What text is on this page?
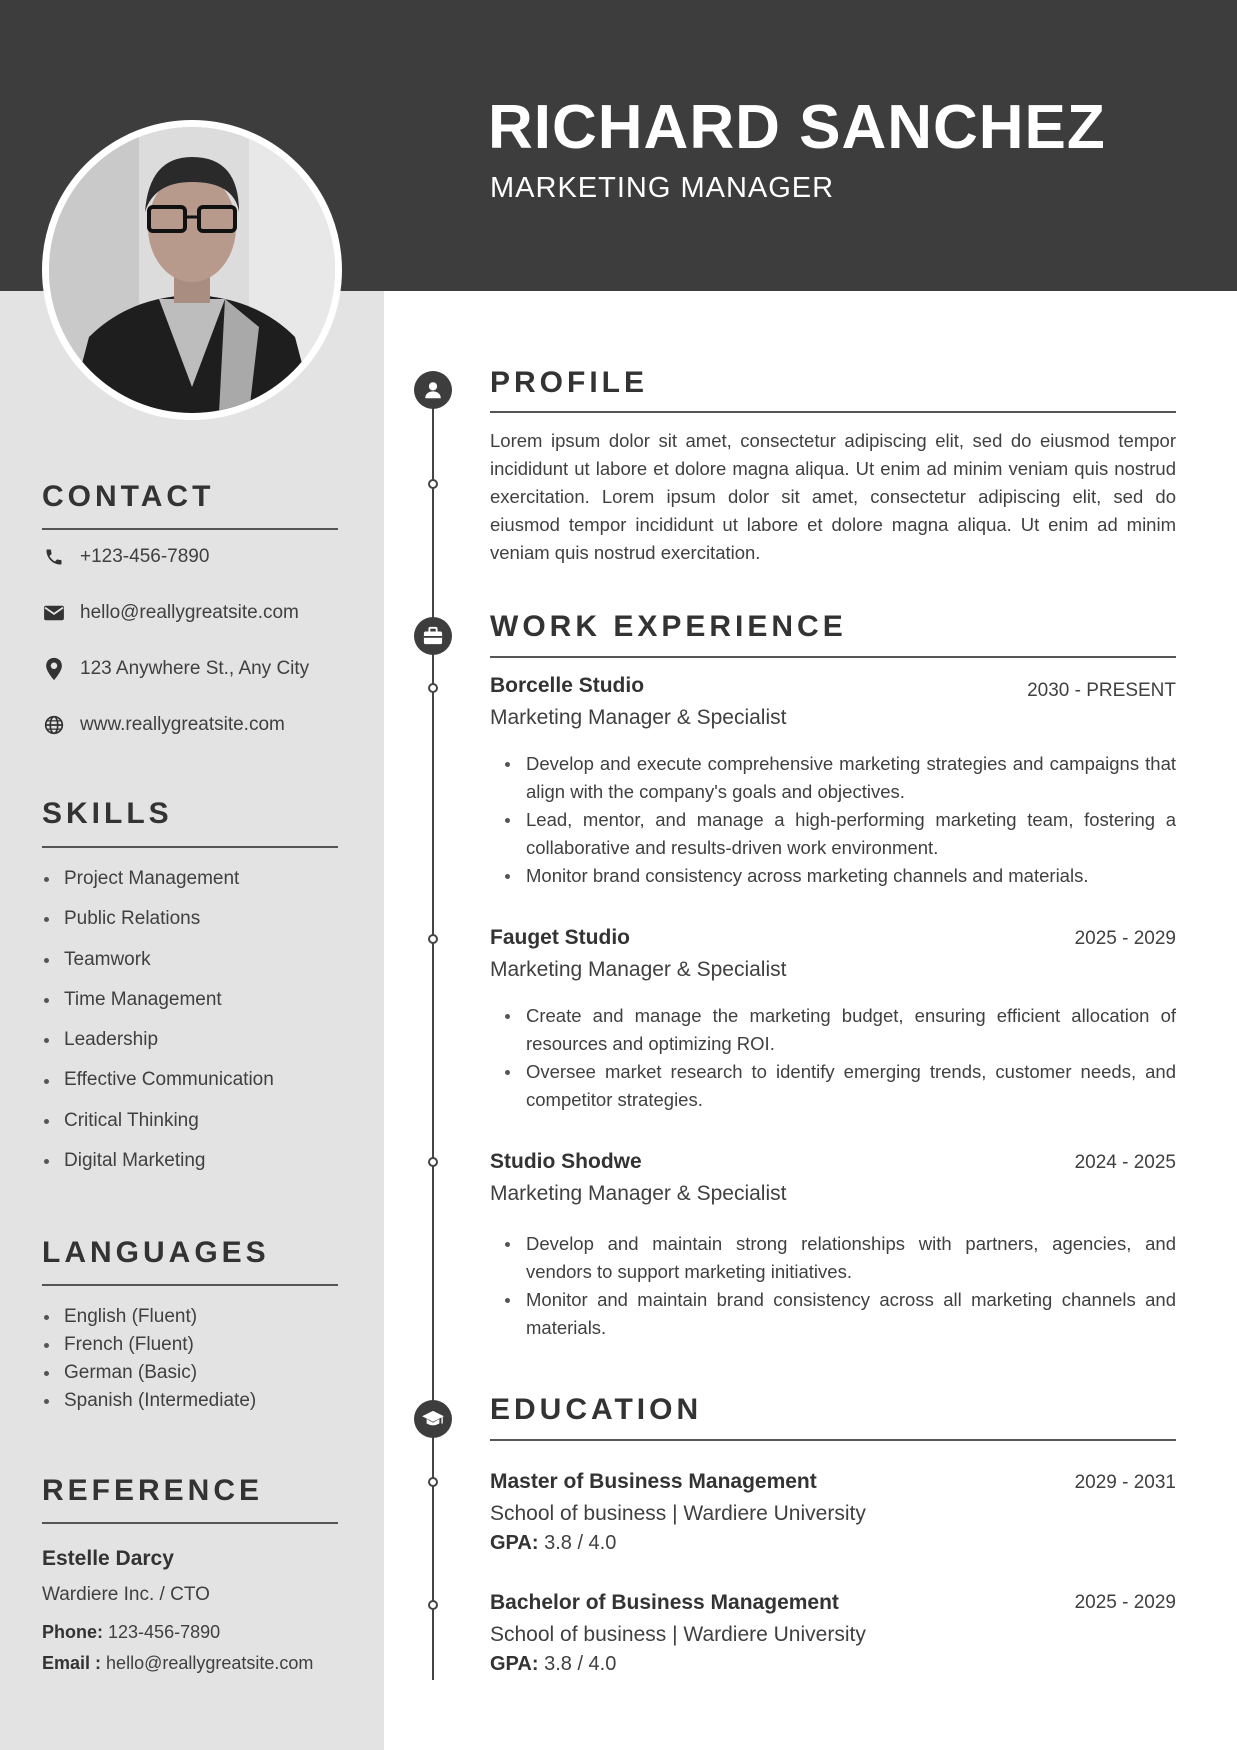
RICHARD SANCHEZ
MARKETING MANAGER
CONTACT
+123-456-7890
hello@reallygreatsite.com
123 Anywhere St., Any City
www.reallygreatsite.com
SKILLS
Project Management
Public Relations
Teamwork
Time Management
Leadership
Effective Communication
Critical Thinking
Digital Marketing
LANGUAGES
English (Fluent)
French (Fluent)
German (Basic)
Spanish (Intermediate)
REFERENCE
Estelle Darcy
Wardiere Inc. / CTO
Phone: 123-456-7890
Email : hello@reallygreatsite.com
PROFILE
Lorem ipsum dolor sit amet, consectetur adipiscing elit, sed do eiusmod tempor incididunt ut labore et dolore magna aliqua. Ut enim ad minim veniam quis nostrud exercitation. Lorem ipsum dolor sit amet, consectetur adipiscing elit, sed do eiusmod tempor incididunt ut labore et dolore magna aliqua. Ut enim ad minim veniam quis nostrud exercitation.
WORK EXPERIENCE
Borcelle Studio	2030 - PRESENT
Marketing Manager & Specialist
Develop and execute comprehensive marketing strategies and campaigns that align with the company's goals and objectives.
Lead, mentor, and manage a high-performing marketing team, fostering a collaborative and results-driven work environment.
Monitor brand consistency across marketing channels and materials.
Fauget Studio	2025 - 2029
Marketing Manager & Specialist
Create and manage the marketing budget, ensuring efficient allocation of resources and optimizing ROI.
Oversee market research to identify emerging trends, customer needs, and competitor strategies.
Studio Shodwe	2024 - 2025
Marketing Manager & Specialist
Develop and maintain strong relationships with partners, agencies, and vendors to support marketing initiatives.
Monitor and maintain brand consistency across all marketing channels and materials.
EDUCATION
Master of Business Management	2029 - 2031
School of business | Wardiere University
GPA: 3.8 / 4.0
Bachelor of Business Management	2025 - 2029
School of business | Wardiere University
GPA: 3.8 / 4.0
